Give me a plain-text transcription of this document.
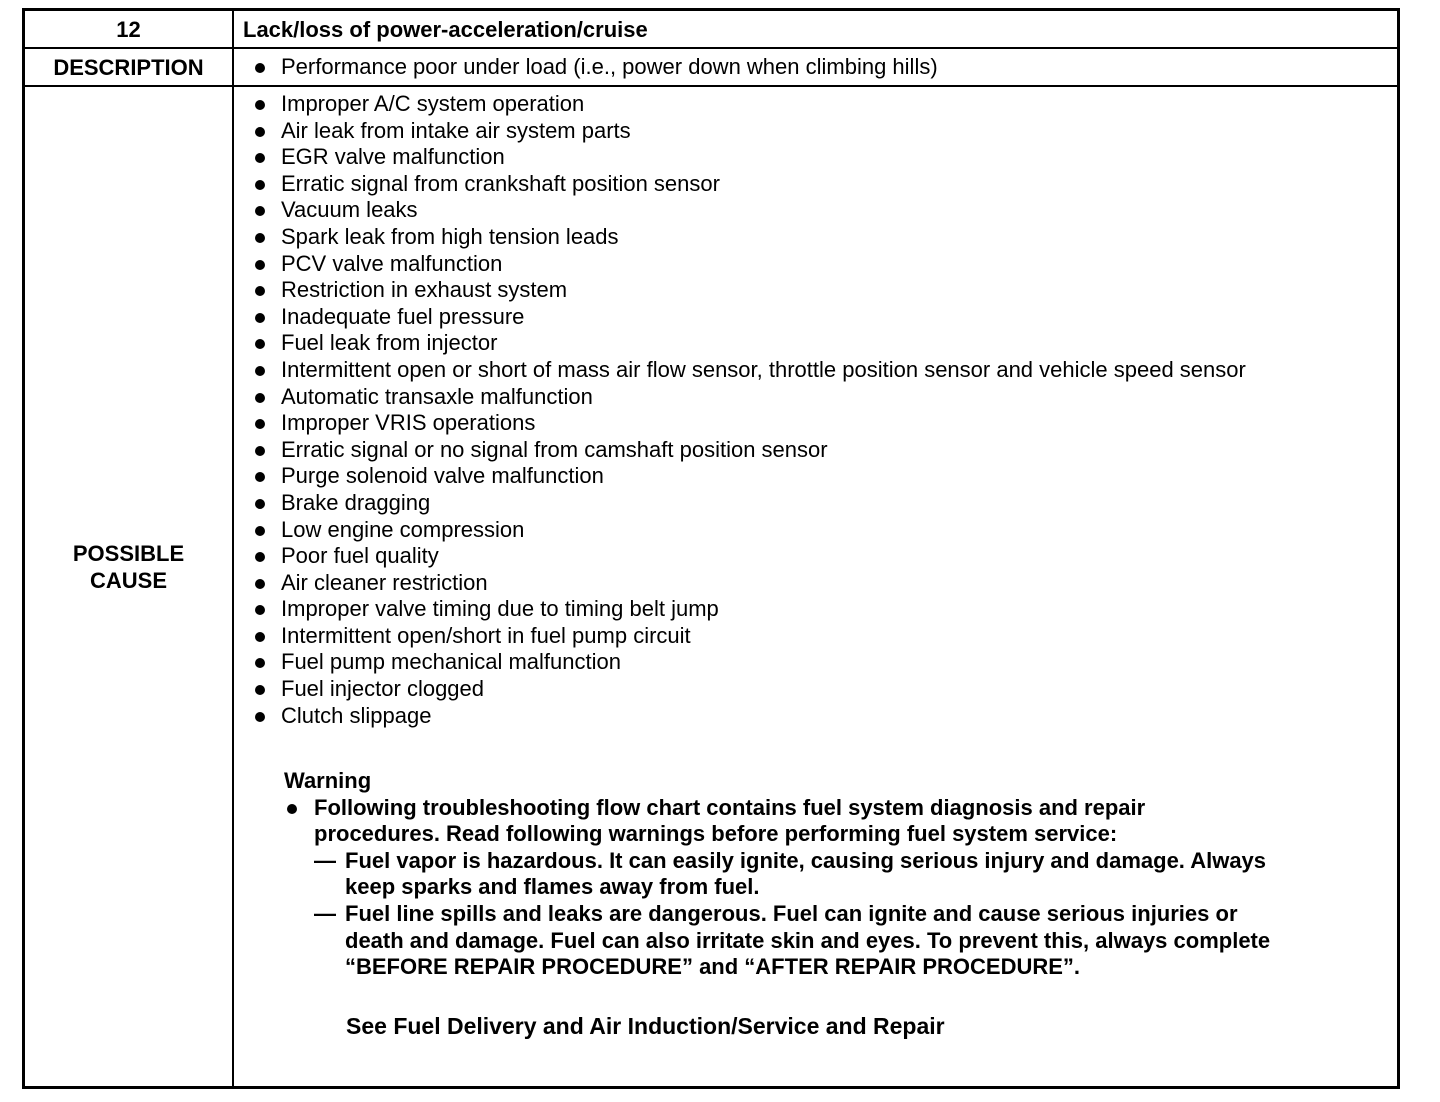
12	Lack/loss of power-acceleration/cruise
DESCRIPTION	Performance poor under load (i.e., power down when climbing hills)
POSSIBLE
CAUSE
Improper A/C system operation
Air leak from intake air system parts
EGR valve malfunction
Erratic signal from crankshaft position sensor
Vacuum leaks
Spark leak from high tension leads
PCV valve malfunction
Restriction in exhaust system
Inadequate fuel pressure
Fuel leak from injector
Intermittent open or short of mass air flow sensor, throttle position sensor and vehicle speed sensor
Automatic transaxle malfunction
Improper VRIS operations
Erratic signal or no signal from camshaft position sensor
Purge solenoid valve malfunction
Brake dragging
Low engine compression
Poor fuel quality
Air cleaner restriction
Improper valve timing due to timing belt jump
Intermittent open/short in fuel pump circuit
Fuel pump mechanical malfunction
Fuel injector clogged
Clutch slippage
Warning
Following troubleshooting flow chart contains fuel system diagnosis and repair
procedures. Read following warnings before performing fuel system service:
— Fuel vapor is hazardous. It can easily ignite, causing serious injury and damage. Always
keep sparks and flames away from fuel.
— Fuel line spills and leaks are dangerous. Fuel can ignite and cause serious injuries or
death and damage. Fuel can also irritate skin and eyes. To prevent this, always complete
“BEFORE REPAIR PROCEDURE” and “AFTER REPAIR PROCEDURE”.
See Fuel Delivery and Air Induction/Service and Repair
